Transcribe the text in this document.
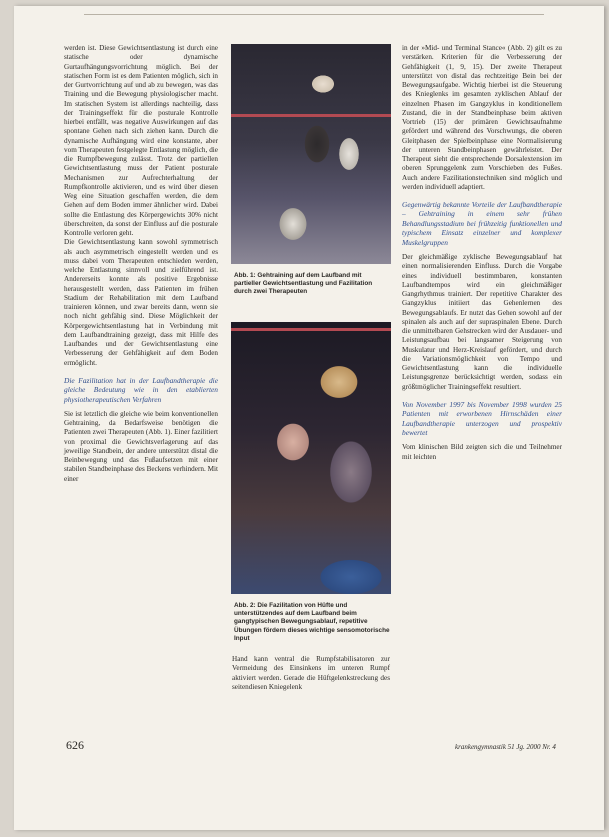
werden ist. Diese Gewichtsentlastung ist durch eine statische oder dynamische Gurtaufhängungsvorrichtung möglich. Bei der statischen Form ist es dem Patienten möglich, sich in der Gurtvorrichtung auf und ab zu bewegen, was das Training und die Bewegung physiologischer macht. Im statischen System ist allerdings nachteilig, dass der Trainingseffekt für die posturale Kontrolle hierbei entfällt, was negative Auswirkungen auf das spontane Gehen nach sich ziehen kann. Durch die dynamische Aufhängung wird eine konstante, aber vom Therapeuten festgelegte Entlastung möglich, die die Rumpfbewegung zulässt. Trotz der partiellen Gewichtsentlastung muss der Patient posturale Mechanismen zur Aufrechterhaltung der Rumpfkontrolle aktivieren, und es wird über diesen Weg eine Situation geschaffen werden, die dem Gehen auf dem Boden immer ähnlicher wird. Dabei sollte die Entlastung des Körpergewichts 30% nicht überschreiten, da sonst der Einfluss auf die posturale Kontrolle verloren geht.

Die Gewichtsentlastung kann sowohl symmetrisch als auch asymmetrisch eingestellt werden und es muss dabei vom Therapeuten entschieden werden, welche Entlastung sinnvoll und zielführend ist. Andererseits konnte als positive Ergebnisse herausgestellt werden, dass Patienten im frühen Stadium der Rehabilitation mit dem Laufband trainieren können, und zwar bereits dann, wenn sie noch nicht gehfähig sind. Diese Möglichkeit der Körpergewichtsentlastung hat in Verbindung mit dem Laufbandtraining gezeigt, dass mit Hilfe des Laufbandes und der Gewichtsentlastung eine Verbesserung der Gehfähigkeit auf dem Boden ermöglicht.

Die Fazilitation hat in der Laufbandtherapie die gleiche Bedeutung wie in den etablierten physiotherapeutischen Verfahren

Sie ist letztlich die gleiche wie beim konventionellen Gehtraining, da Bedarfsweise benötigen die Patienten zwei Therapeuten (Abb. 1). Einer fazilitiert von proximal die Gewichtsverlagerung auf das jeweilige Standbein, der andere unterstützt distal die Beinbewegung und das Fußaufsetzen mit einer stabilen Standbeinphase des Beckens verhindern. Mit einer

Abb. 1: Gehtraining auf dem Laufband mit partieller Gewichtsentlastung und Fazilitation durch zwei Therapeuten
Abb. 2: Die Fazilitation von Hüfte und unterstützendes auf dem Laufband beim gangtypischen Bewegungsablauf, repetitive Übungen fördern dieses wichtige sensomotorische Input

Hand kann ventral die Rumpfstabilisatoren zur Vermeidung des Einsinkens im unteren Rumpf aktiviert werden. Gerade die Hüftgelenkstreckung des seitendiesen Kniegelenk

in der »Mid- und Terminal Stance« (Abb. 2) gilt es zu verstärken. Kriterien für die Verbesserung der Gehfähigkeit (1, 9, 15). Der zweite Therapeut unterstützt von distal das rechtzeitige Bein bei der Bewegungsaufgabe. Wichtig hierbei ist die Steuerung des Knieglenks im gesamten zyklischen Ablauf der einzelnen Phasen im Gangzyklus in konditionellem Zustand, die in der Standbeinphase beim aktiven Vortrieb (15) der primären Gewichtsaufnahme gefördert und während des Vorschwungs, die oberen Gleitphasen der Spielbeinphase eine Normalisierung der unteren Standbeinphasen gewährleistet. Der Therapeut sieht die entsprechende Dorsalextension im oberen Sprunggelenk zum Vorschieben des Fußes. Auch andere Fazilitationstechniken sind möglich und werden individuell adaptiert.

Gegenwärtig bekannte Vorteile der Laufbandtherapie – Gehtraining in einem sehr frühen Behandlungsstadium bei frühzeitig funktionellen und typischem Einsatz einzelner und komplexer Muskelgruppen

Der gleichmäßige zyklische Bewegungsablauf hat einen normalisierenden Einfluss. Durch die Vorgabe eines individuell bestimmbaren, konstanten Laufbandtempos wird ein gleichmäßiger Gangrhythmus trainiert. Der repetitive Charakter des Gangzyklus initiiert das Gehenlernen des Bewegungsablaufs. Er nutzt das Gehen sowohl auf der spinalen als auch auf der supraspinalen Ebene. Durch die unmittelbaren Gehstrecken wird der Ausdauer- und Leistungsaufbau bei langsamer Steigerung von Muskulatur und Herz-Kreislauf gefördert, und durch die Variationsmöglichkeit von Tempo und Gewichtsentlastung kann die individuelle Leistungsgrenze berücksichtigt werden, sodass ein größtmöglicher Trainingseffekt resultiert.

Von November 1997 bis November 1998 wurden 25 Patienten mit erworbenen Hirnschäden einer Laufbandtherapie unterzogen und prospektiv bewertet

Vom klinischen Bild zeigten sich die und Teilnehmer mit leichten

626	krankengymnastik 51 Jg. 2000 Nr. 4
